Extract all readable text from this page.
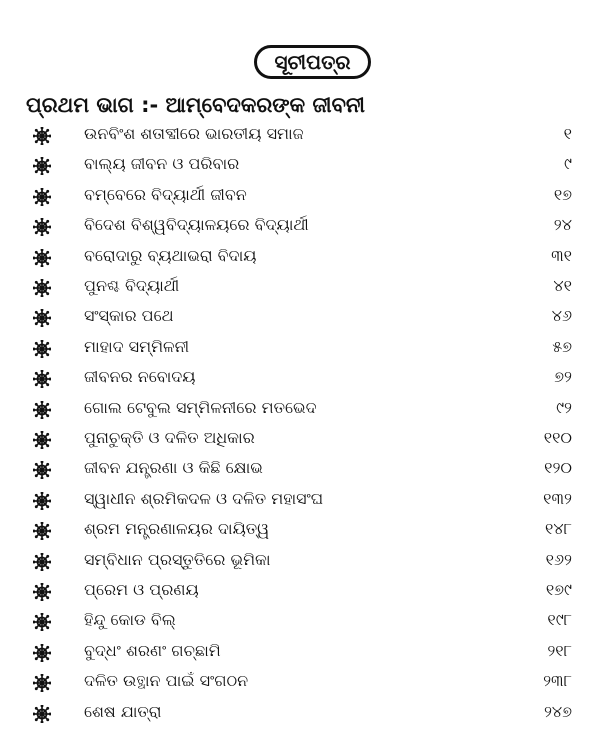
ସୂଚୀପତ୍ର
ପ୍ରଥମ ଭାଗ :- ଆମ୍ବେଦକରଙ୍କ ଜୀବନୀ
ଉନବିଂଶ ଶତାବ୍ଦୀରେ ଭାରତୀୟ ସମାଜ	୧
ବାଲ୍ୟ ଜୀବନ ଓ ପରିବାର	୯
ବମ୍ବେରେ ବିଦ୍ୟାର୍ଥୀ ଜୀବନ	୧୭
ବିଦେଶ ବିଶ୍ୱବିଦ୍ୟାଳୟରେ ବିଦ୍ୟାର୍ଥୀ	୨୪
ବରୋଦାରୁ ବ୍ୟଥାଭରା ବିଦାୟ	୩୧
ପୁନଶ୍ଚ ବିଦ୍ୟାର୍ଥୀ	୪୧
ସଂସ୍କାର ପଥେ	୪୬
ମାହାଦ ସମ୍ମିଳନୀ	୫୭
ଜୀବନର ନବୋଦୟ	୭୨
ଗୋଲ ଟେବୁଲ ସମ୍ମିଳନୀରେ ମତଭେଦ	୯୨
ପୁନାଚୁକ୍ତି ଓ ଦଳିତ ଅଧିକାର	୧୧୦
ଜୀବନ ଯନ୍ତ୍ରଣା ଓ କିଛି କ୍ଷୋଭ	୧୨୦
ସ୍ୱାଧୀନ ଶ୍ରମିକଦଳ ଓ ଦଳିତ ମହାସଂଘ	୧୩୨
ଶ୍ରମ ମନ୍ତ୍ରଣାଳୟର ଦାୟିତ୍ୱ	୧୪୮
ସମ୍ବିଧାନ ପ୍ରସ୍ତୁତିରେ ଭୂମିକା	୧୬୨
ପ୍ରେମ ଓ ପ୍ରଣୟ	୧୭୯
ହିନ୍ଦୁ କୋଡ ବିଲ୍	୧୯୮
ବୁଦ୍ଧଂ ଶରଣଂ ଗଚ୍ଛାମି	୨୧୮
ଦଳିତ ଉତ୍ଥାନ ପାଇଁ ସଂଗଠନ	୨୩୮
ଶେଷ ଯାତ୍ରା	୨୪୭
